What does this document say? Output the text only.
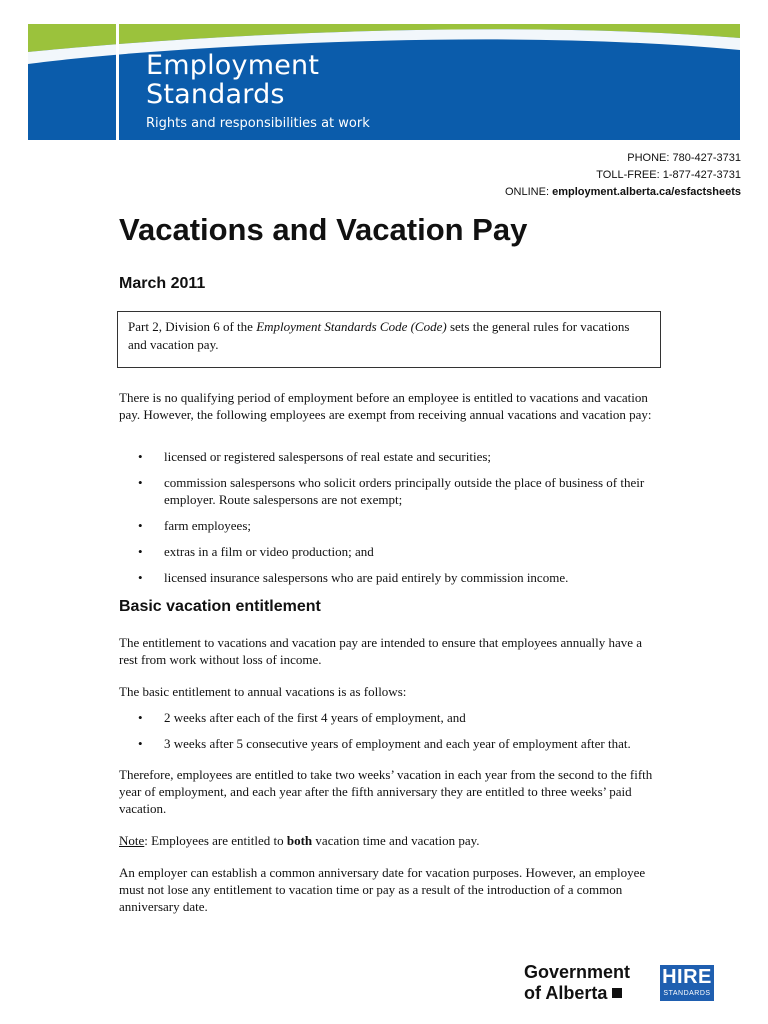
Employment
Standards
Rights and responsibilities at work
PHONE: 780-427-3731
TOLL-FREE: 1-877-427-3731
ONLINE: employment.alberta.ca/esfactsheets
Vacations and Vacation Pay
March 2011
Part 2, Division 6 of the Employment Standards Code (Code) sets the general rules for vacations and vacation pay.

There is no qualifying period of employment before an employee is entitled to vacations and vacation pay. However, the following employees are exempt from receiving annual vacations and vacation pay:

• licensed or registered salespersons of real estate and securities;
• commission salespersons who solicit orders principally outside the place of business of their employer. Route salespersons are not exempt;
• farm employees;
• extras in a film or video production; and
• licensed insurance salespersons who are paid entirely by commission income.
Basic vacation entitlement

The entitlement to vacations and vacation pay are intended to ensure that employees annually have a rest from work without loss of income.

The basic entitlement to annual vacations is as follows:

• 2 weeks after each of the first 4 years of employment, and
• 3 weeks after 5 consecutive years of employment and each year of employment after that.

Therefore, employees are entitled to take two weeks’ vacation in each year from the second to the fifth year of employment, and each year after the fifth anniversary they are entitled to three weeks’ paid vacation.

Note: Employees are entitled to both vacation time and vacation pay.

An employer can establish a common anniversary date for vacation purposes. However, an employee must not lose any entitlement to vacation time or pay as a result of the introduction of a common anniversary date.

Government
of Alberta
HIRE
STANDARDS
